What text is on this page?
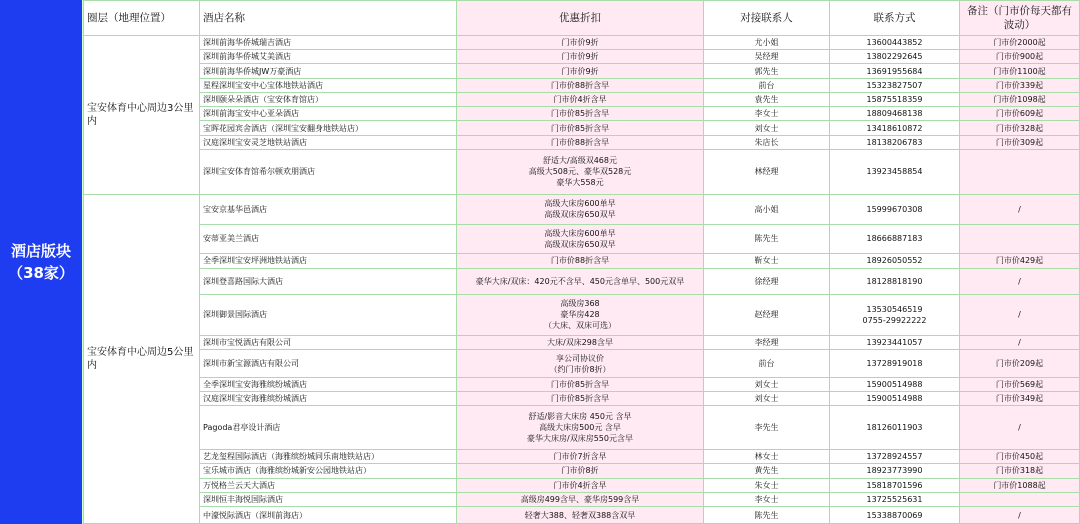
酒店版块
（38家）
圈层（地理位置）	酒店名称	优惠折扣	对接联系人	联系方式	备注（门市价每天都有波动）
宝安体育中心周边3公里内	深圳前海华侨城瑞吉酒店	门市价9折	尤小姐	13600443852	门市价2000起
	深圳前海华侨城艾美酒店	门市价9折	吴经理	13802292645	门市价900起
	深圳前海华侨城JW万豪酒店	门市价9折	郭先生	13691955684	门市价1100起
	星程深圳宝安中心宝体地铁站酒店	门市价88折含早	前台	15323827507	门市价339起
	深圳颐朵朵酒店（宝安体育馆店）	门市价4折含早	袁先生	15875518359	门市价1098起
	深圳前海宝安中心亚朵酒店	门市价85折含早	李女士	18809468138	门市价609起
	宝晖花园宾舍酒店（深圳宝安翻身地铁站店）	门市价85折含早	刘女士	13418610872	门市价328起
	汉庭深圳宝安灵芝地铁站酒店	门市价88折含早	朱店长	18138206783	门市价309起
	深圳宝安体育馆希尔顿欢朋酒店	舒适大/高级双468元
高级大508元、豪华双528元
豪华大558元	林经理	13923458854	
宝安体育中心周边5公里内	宝安京基华邑酒店	高级大床房600单早
高级双床房650双早	高小姐	15999670308	/
	安蒂亚美兰酒店	高级大床房600单早
高级双床房650双早	陈先生	18666887183	
	全季深圳宝安坪洲地铁站酒店	门市价88折含早	靳女士	18926050552	门市价429起
	深圳登喜路国际大酒店	豪华大床/双床：420元不含早、450元含单早、500元双早	徐经理	18128818190	/
	深圳御景国际酒店	高级房368
豪华房428
（大床、双床可选）	赵经理	13530546519
0755-29922222	/
	深圳市宝悦酒店有限公司	大床/双床298含早	李经理	13923441057	/
	深圳市新宝源酒店有限公司	享公司协议价
（约门市价8折）	前台	13728919018	门市价209起
	全季深圳宝安海雅缤纷城酒店	门市价85折含早	刘女士	15900514988	门市价569起
	汉庭深圳宝安海雅缤纷城酒店	门市价85折含早	刘女士	15900514988	门市价349起
	Pagoda君亭设计酒店	舒适/影音大床房 450元 含早
高级大床房500元 含早
豪华大床房/双床房550元含早	李先生	18126011903	/
	艺龙玺程国际酒店（海雅缤纷城同乐南地铁站店）	门市价7折含早	林女士	13728924557	门市价450起
	宝乐城市酒店（海雅缤纷城新安公园地铁站店）	门市价8折	黄先生	18923773990	门市价318起
	万悦格兰云天大酒店	门市价4折含早	朱女士	15818701596	门市价1088起
	深圳恒丰海悦国际酒店	高级房499含早、豪华房599含早	李女士	13725525631	
	中濠悦际酒店（深圳前海店）	轻奢大388、轻奢双388含双早	陈先生	15338870069	/
